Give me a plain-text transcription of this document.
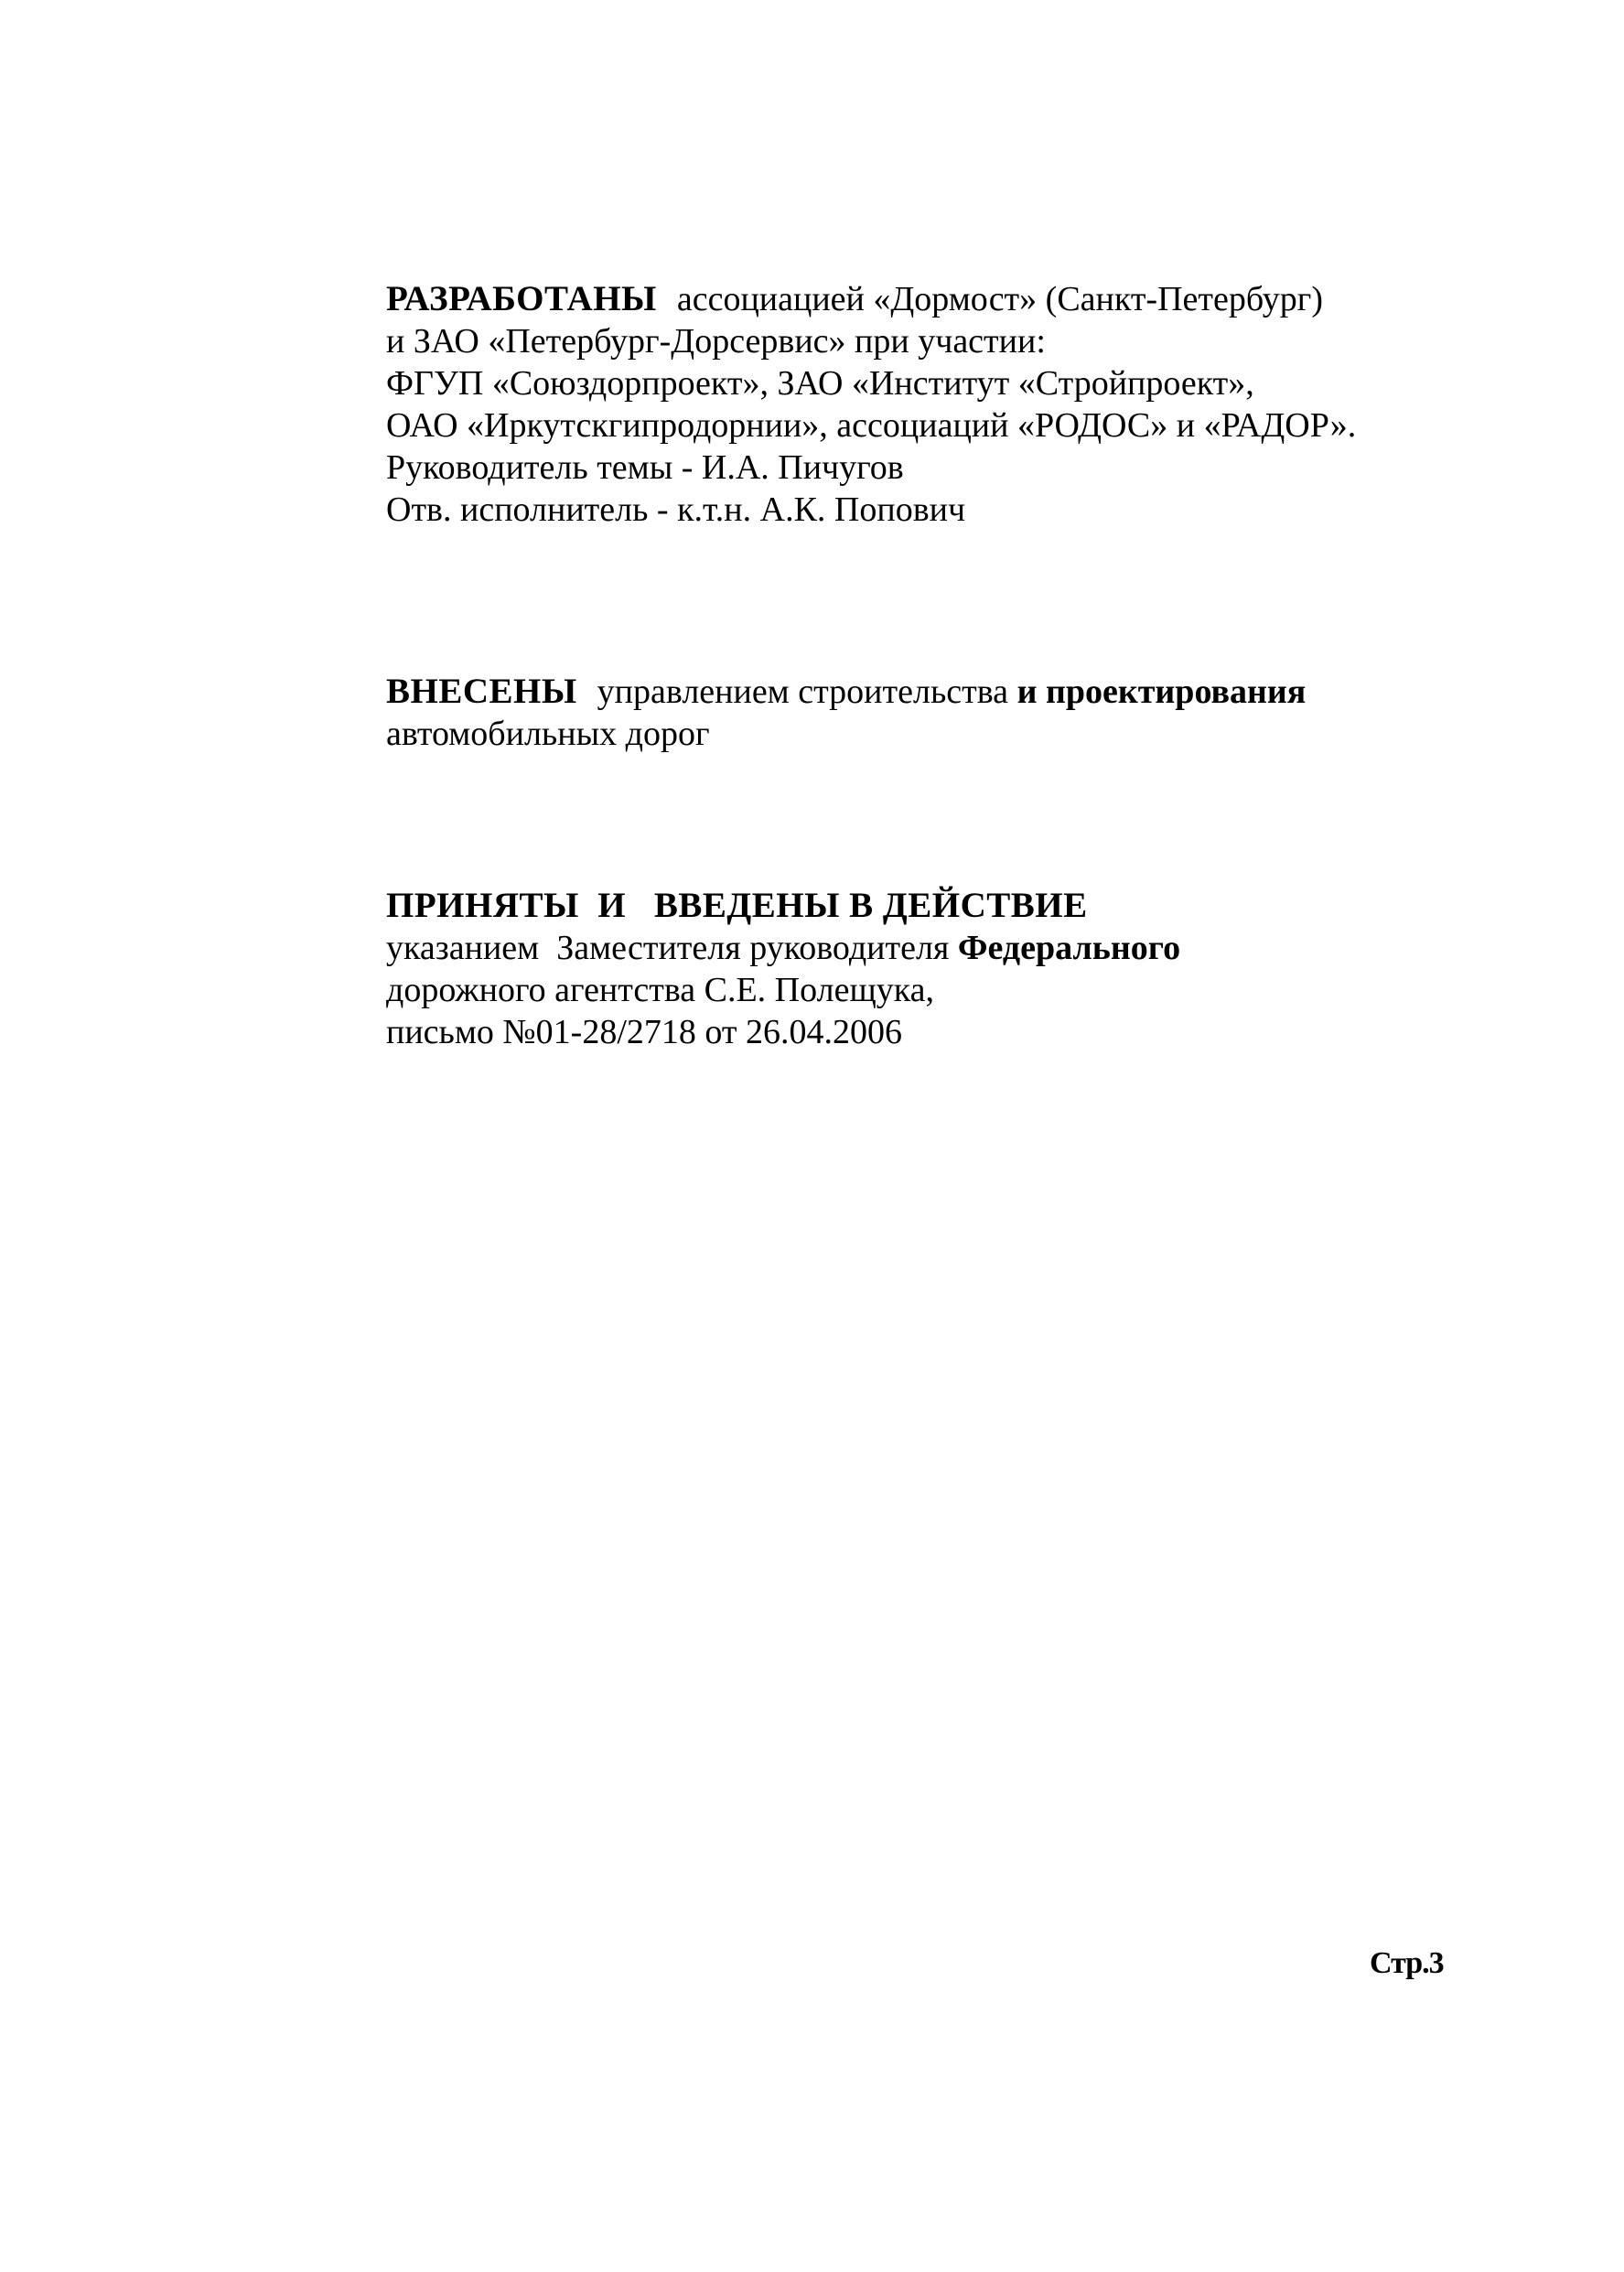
РАЗРАБОТАНЫ ассоциацией «Дормост» (Санкт-Петербург)
и ЗАО «Петербург-Дорсервис» при участии:
ФГУП «Союздорпроект», ЗАО «Институт «Стройпроект»,
ОАО «Иркутскгипродорнии», ассоциаций «РОДОС» и «РАДОР».
Руководитель темы - И.А. Пичугов
Отв. исполнитель - к.т.н. А.К. Попович
ВНЕСЕНЫ управлением строительства и проектирования
автомобильных дорог
ПРИНЯТЫ  И   ВВЕДЕНЫ В ДЕЙСТВИЕ
указанием  Заместителя руководителя Федерального
дорожного агентства С.Е. Полещука,
письмо №01-28/2718 от 26.04.2006
Стр.3
